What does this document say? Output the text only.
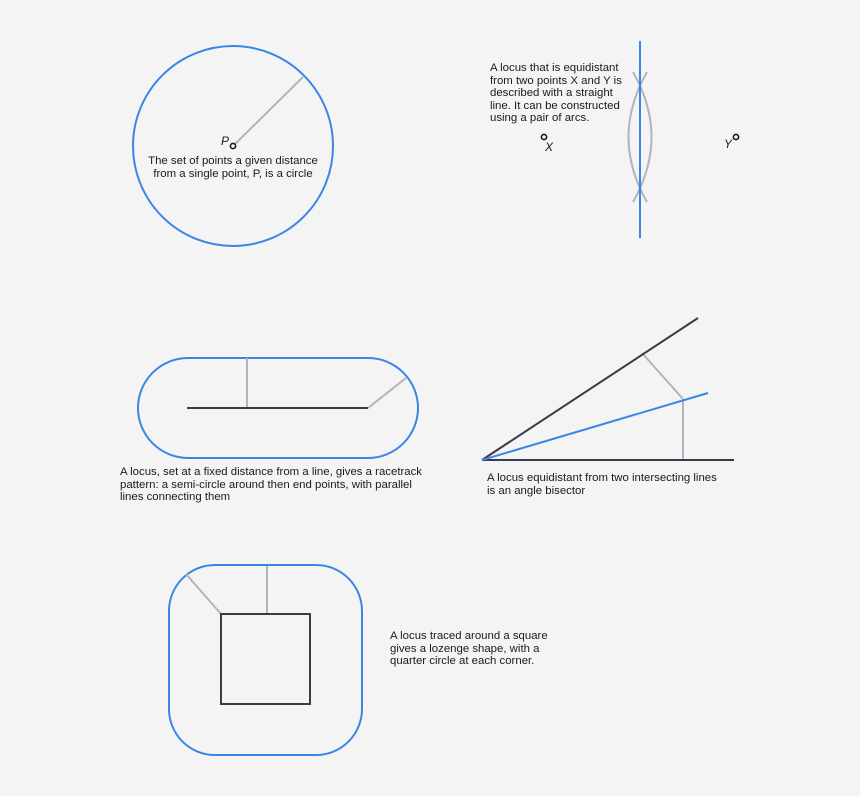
P	X	Y
The set of points a given distance
from a single point, P, is a circle
A locus that is equidistant
from two points X and Y is
described with a straight
line. It can be constructed
using a pair of arcs.
A locus, set at a fixed distance from a line, gives a racetrack
pattern: a semi-circle around then end points, with parallel
lines connecting them
A locus equidistant from two intersecting lines
is an angle bisector
A locus traced around a square
gives a lozenge shape, with a
quarter circle at each corner.
